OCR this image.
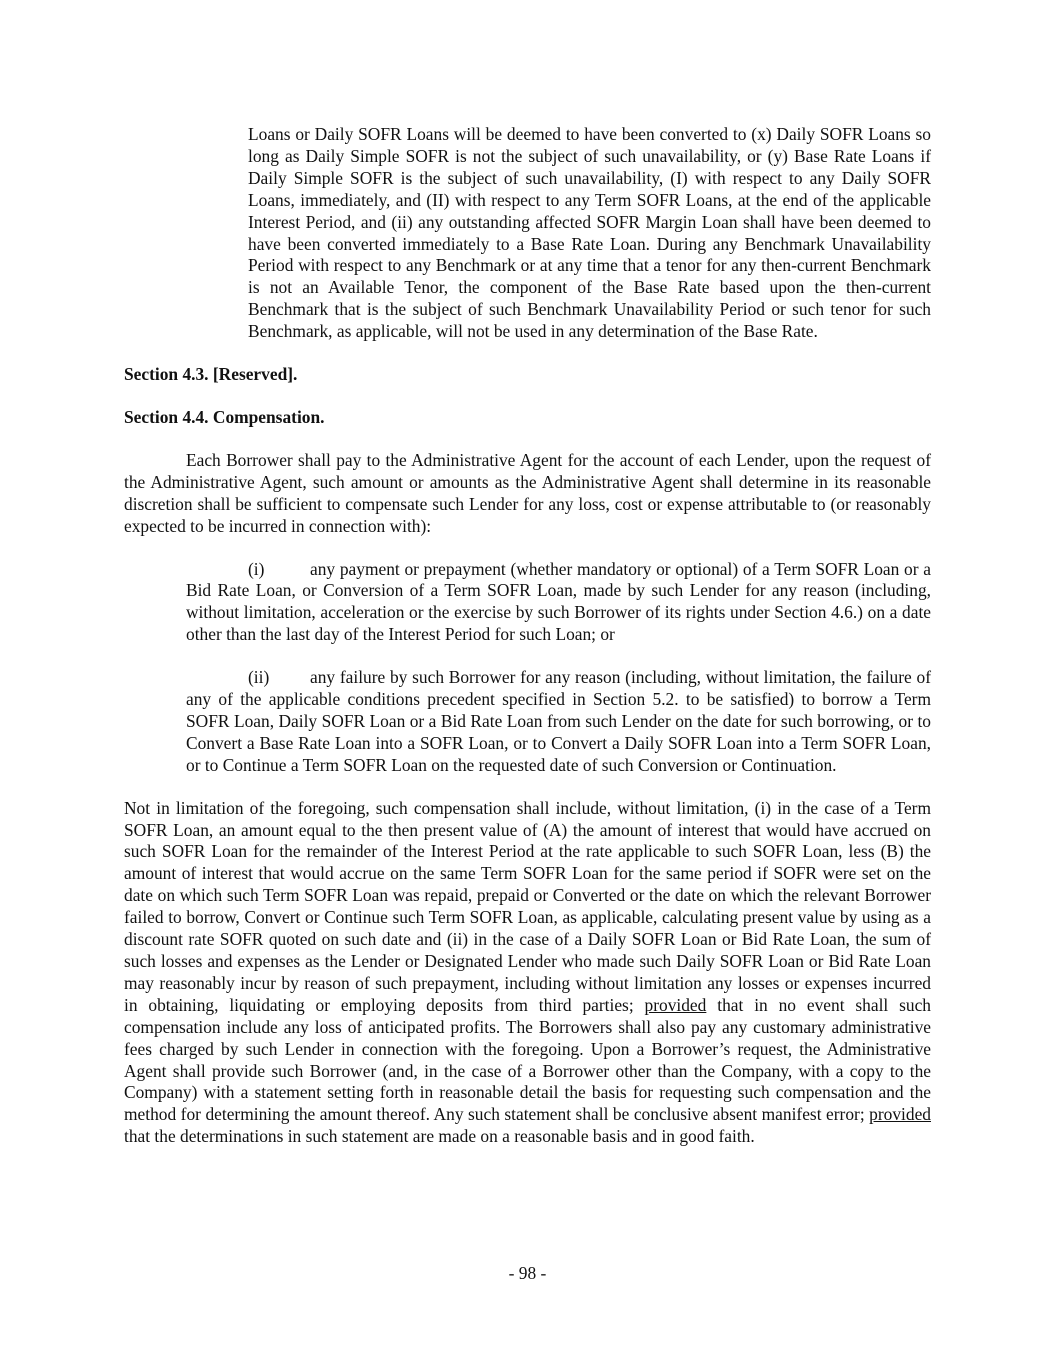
Loans or Daily SOFR Loans will be deemed to have been converted to (x) Daily SOFR Loans so long as Daily Simple SOFR is not the subject of such unavailability, or (y) Base Rate Loans if Daily Simple SOFR is the subject of such unavailability, (I) with respect to any Daily SOFR Loans, immediately, and (II) with respect to any Term SOFR Loans, at the end of the applicable Interest Period, and (ii) any outstanding affected SOFR Margin Loan shall have been deemed to have been converted immediately to a Base Rate Loan. During any Benchmark Unavailability Period with respect to any Benchmark or at any time that a tenor for any then-current Benchmark is not an Available Tenor, the component of the Base Rate based upon the then-current Benchmark that is the subject of such Benchmark Unavailability Period or such tenor for such Benchmark, as applicable, will not be used in any determination of the Base Rate.

Section 4.3. [Reserved].

Section 4.4. Compensation.

Each Borrower shall pay to the Administrative Agent for the account of each Lender, upon the request of the Administrative Agent, such amount or amounts as the Administrative Agent shall determine in its reasonable discretion shall be sufficient to compensate such Lender for any loss, cost or expense attributable to (or reasonably expected to be incurred in connection with):

(i)	any payment or prepayment (whether mandatory or optional) of a Term SOFR Loan or a Bid Rate Loan, or Conversion of a Term SOFR Loan, made by such Lender for any reason (including, without limitation, acceleration or the exercise by such Borrower of its rights under Section 4.6.) on a date other than the last day of the Interest Period for such Loan; or

(ii) any failure by such Borrower for any reason (including, without limitation, the failure of any of the applicable conditions precedent specified in Section 5.2. to be satisfied) to borrow a Term SOFR Loan, Daily SOFR Loan or a Bid Rate Loan from such Lender on the date for such borrowing, or to Convert a Base Rate Loan into a SOFR Loan, or to Convert a Daily SOFR Loan into a Term SOFR Loan, or to Continue a Term SOFR Loan on the requested date of such Conversion or Continuation.

Not in limitation of the foregoing, such compensation shall include, without limitation, (i) in the case of a Term SOFR Loan, an amount equal to the then present value of (A) the amount of interest that would have accrued on such SOFR Loan for the remainder of the Interest Period at the rate applicable to such SOFR Loan, less (B) the amount of interest that would accrue on the same Term SOFR Loan for the same period if SOFR were set on the date on which such Term SOFR Loan was repaid, prepaid or Converted or the date on which the relevant Borrower failed to borrow, Convert or Continue such Term SOFR Loan, as applicable, calculating present value by using as a discount rate SOFR quoted on such date and (ii) in the case of a Daily SOFR Loan or Bid Rate Loan, the sum of such losses and expenses as the Lender or Designated Lender who made such Daily SOFR Loan or Bid Rate Loan may reasonably incur by reason of such prepayment, including without limitation any losses or expenses incurred in obtaining, liquidating or employing deposits from third parties; provided that in no event shall such compensation include any loss of anticipated profits. The Borrowers shall also pay any customary administrative fees charged by such Lender in connection with the foregoing. Upon a Borrower’s request, the Administrative Agent shall provide such Borrower (and, in the case of a Borrower other than the Company, with a copy to the Company) with a statement setting forth in reasonable detail the basis for requesting such compensation and the method for determining the amount thereof. Any such statement shall be conclusive absent manifest error; provided that the determinations in such statement are made on a reasonable basis and in good faith.

- 98 -
